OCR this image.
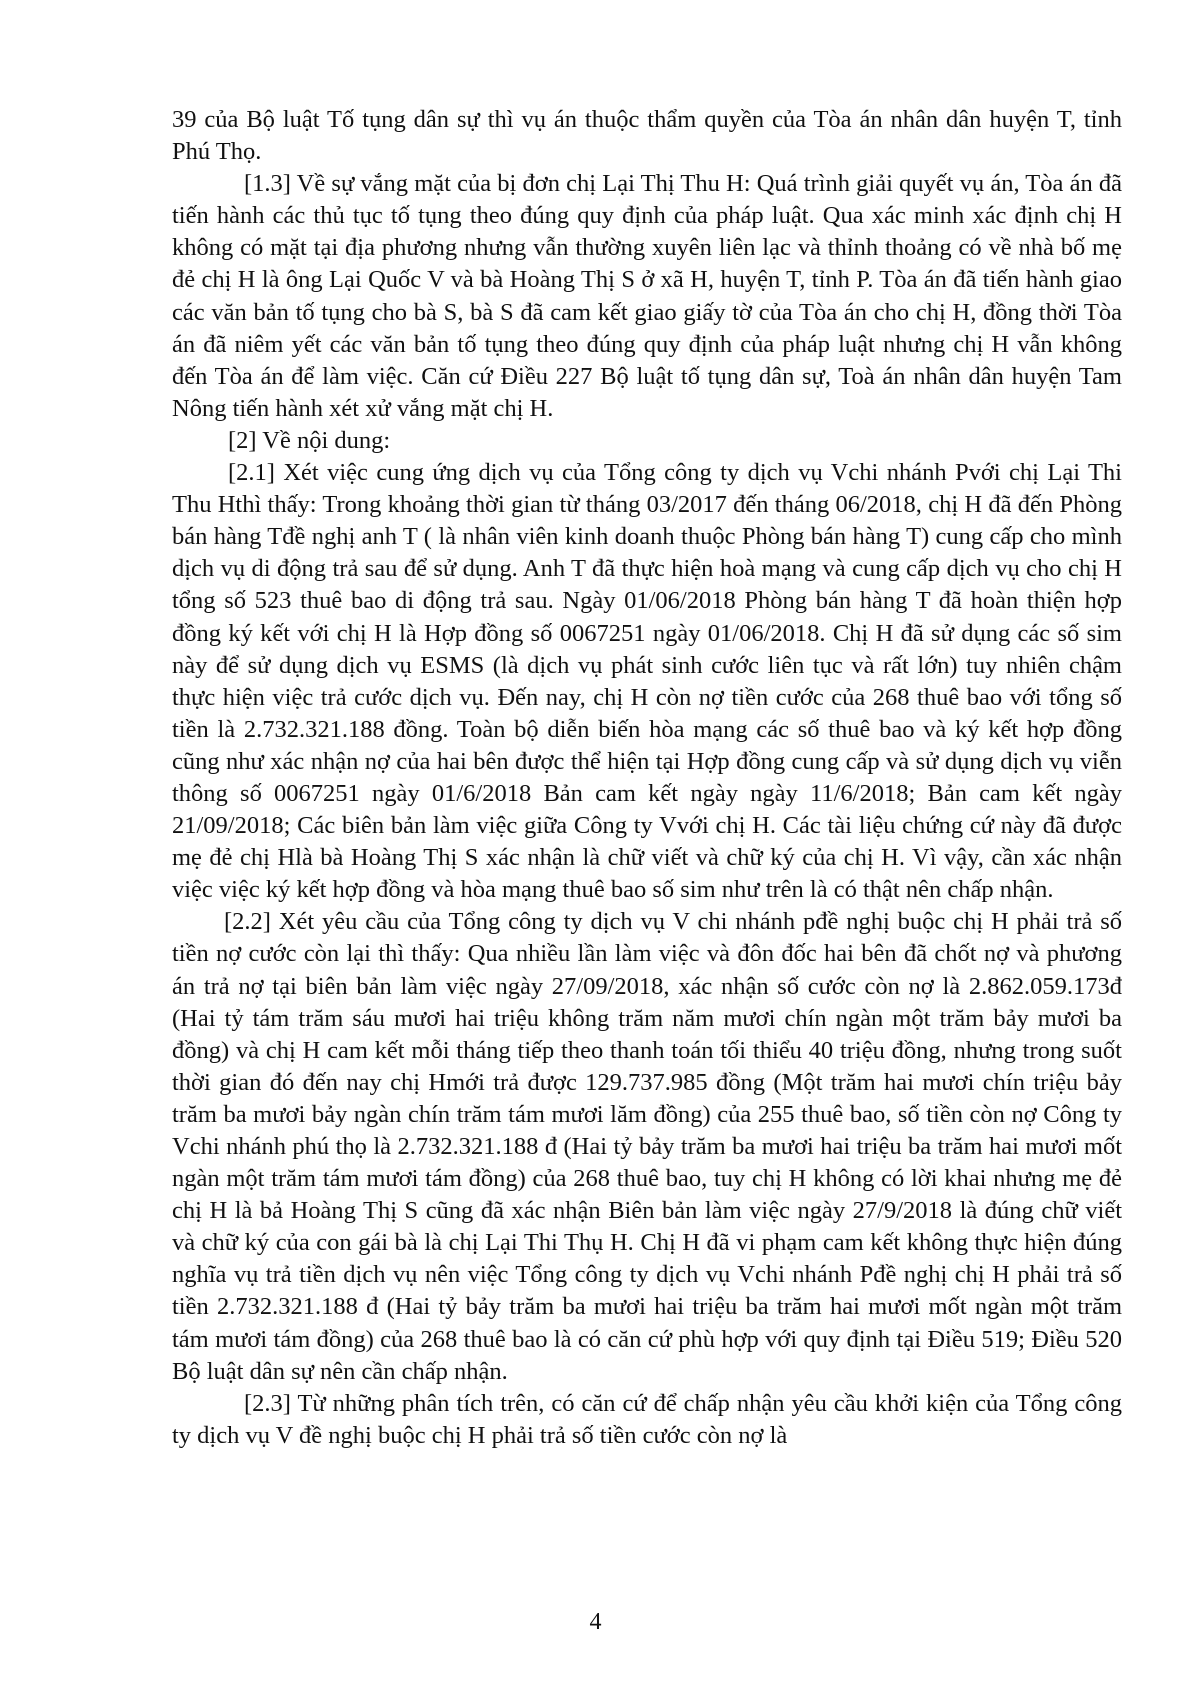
39 của Bộ luật Tố tụng dân sự thì vụ án thuộc thẩm quyền của Tòa án nhân dân huyện T, tỉnh Phú Thọ.

[1.3] Về sự vắng mặt của bị đơn chị Lại Thị Thu H: Quá trình giải quyết vụ án, Tòa án đã tiến hành các thủ tục tố tụng theo đúng quy định của pháp luật. Qua xác minh xác định chị H không có mặt tại địa phương nhưng vẫn thường xuyên liên lạc và thỉnh thoảng có về nhà bố mẹ đẻ chị H là ông Lại Quốc V và bà Hoàng Thị S ở xã H, huyện T, tỉnh P. Tòa án đã tiến hành giao các văn bản tố tụng cho bà S, bà S đã cam kết giao giấy tờ của Tòa án cho chị H, đồng thời Tòa án đã niêm yết các văn bản tố tụng theo đúng quy định của pháp luật nhưng chị H vẫn không đến Tòa án để làm việc. Căn cứ Điều 227 Bộ luật tố tụng dân sự, Toà án nhân dân huyện Tam Nông tiến hành xét xử vắng mặt chị H.

[2] Về nội dung:

[2.1] Xét việc cung ứng dịch vụ của Tổng công ty dịch vụ Vchi nhánh Pvới chị Lại Thi Thu Hthì thấy: Trong khoảng thời gian từ tháng 03/2017 đến tháng 06/2018, chị H đã đến Phòng bán hàng Tđề nghị anh T ( là nhân viên kinh doanh thuộc Phòng bán hàng T) cung cấp cho mình dịch vụ di động trả sau để sử dụng. Anh T đã thực hiện hoà mạng và cung cấp dịch vụ cho chị H tổng số 523 thuê bao di động trả sau. Ngày 01/06/2018 Phòng bán hàng T đã hoàn thiện hợp đồng ký kết với chị H là Hợp đồng số 0067251 ngày 01/06/2018. Chị H đã sử dụng các số sim này để sử dụng dịch vụ ESMS (là dịch vụ phát sinh cước liên tục và rất lớn) tuy nhiên chậm thực hiện việc trả cước dịch vụ. Đến nay, chị H còn nợ tiền cước của 268 thuê bao với tổng số tiền là 2.732.321.188 đồng. Toàn bộ diễn biến hòa mạng các số thuê bao và ký kết hợp đồng cũng như xác nhận nợ của hai bên được thể hiện tại Hợp đồng cung cấp và sử dụng dịch vụ viễn thông số 0067251 ngày 01/6/2018 Bản cam kết ngày ngày 11/6/2018; Bản cam kết ngày 21/09/2018; Các biên bản làm việc giữa Công ty Vvới chị H. Các tài liệu chứng cứ này đã được mẹ đẻ chị Hlà bà Hoàng Thị S xác nhận là chữ viết và chữ ký của chị H. Vì vậy, cần xác nhận việc việc ký kết hợp đồng và hòa mạng thuê bao số sim như trên là có thật nên chấp nhận.

[2.2] Xét yêu cầu của Tổng công ty dịch vụ V chi nhánh pđề nghị buộc chị H phải trả số tiền nợ cước còn lại thì thấy: Qua nhiều lần làm việc và đôn đốc hai bên đã chốt nợ và phương án trả nợ tại biên bản làm việc ngày 27/09/2018, xác nhận số cước còn nợ là 2.862.059.173đ (Hai tỷ tám trăm sáu mươi hai triệu không trăm năm mươi chín ngàn một trăm bảy mươi ba đồng) và chị H cam kết mỗi tháng tiếp theo thanh toán tối thiểu 40 triệu đồng, nhưng trong suốt thời gian đó đến nay chị Hmới trả được 129.737.985 đồng (Một trăm hai mươi chín triệu bảy trăm ba mươi bảy ngàn chín trăm tám mươi lăm đồng) của 255 thuê bao, số tiền còn nợ Công ty Vchi nhánh phú thọ là 2.732.321.188 đ (Hai tỷ bảy trăm ba mươi hai triệu ba trăm hai mươi mốt ngàn một trăm tám mươi tám đồng) của 268 thuê bao, tuy chị H không có lời khai nhưng mẹ đẻ chị H là bả Hoàng Thị S cũng đã xác nhận Biên bản làm việc ngày 27/9/2018 là đúng chữ viết và chữ ký của con gái bà là chị Lại Thi Thụ H. Chị H đã vi phạm cam kết không thực hiện đúng nghĩa vụ trả tiền dịch vụ nên việc Tổng công ty dịch vụ Vchi nhánh Pđề nghị chị H phải trả số tiền 2.732.321.188 đ (Hai tỷ bảy trăm ba mươi hai triệu ba trăm hai mươi mốt ngàn một trăm tám mươi tám đồng) của 268 thuê bao là có căn cứ phù hợp với quy định tại Điều 519; Điều 520 Bộ luật dân sự nên cần chấp nhận.

[2.3] Từ những phân tích trên, có căn cứ để chấp nhận yêu cầu khởi kiện của Tổng công ty dịch vụ V đề nghị buộc chị H phải trả số tiền cước còn nợ là

4
